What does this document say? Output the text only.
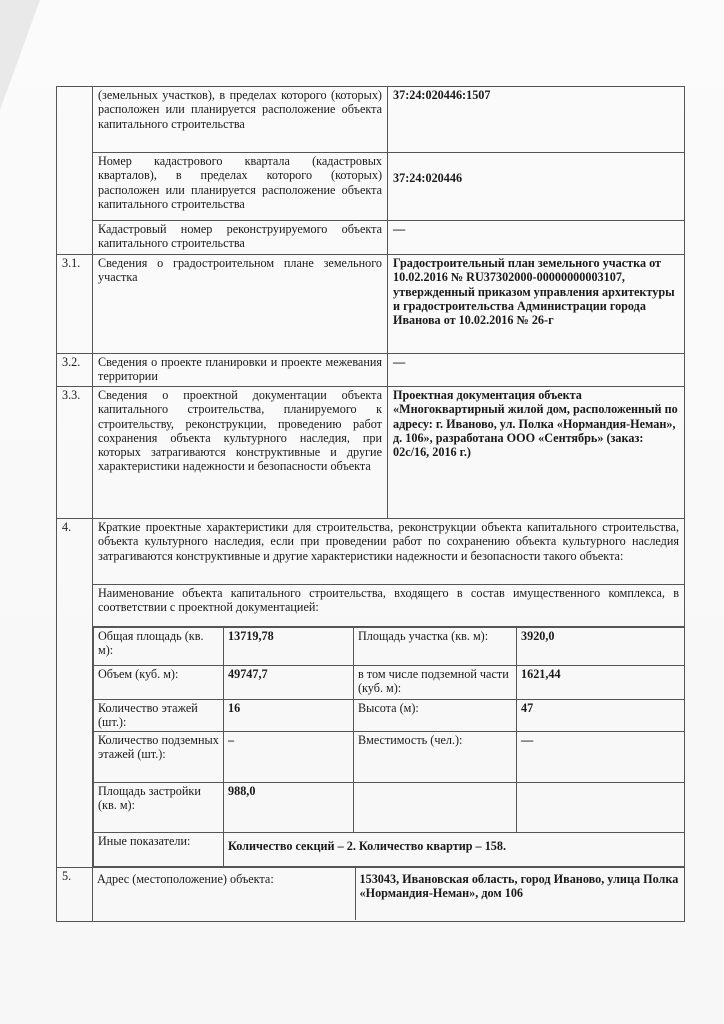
	(земельных участков), в пределах которого (которых) расположен или планируется расположение объекта капитального строительства	37:24:020446:1507
Номер кадастрового квартала (кадастровых кварталов), в пределах которого (которых) расположен или планируется расположение объекта капитального строительства	37:24:020446
Кадастровый номер реконструируемого объекта капитального строительства	—
3.1.	Сведения о градостроительном плане земельного участка	Градостроительный план земельного участка от 10.02.2016 № RU37302000-00000000003107, утвержденный приказом управления архитектуры и градостроительства Администрации города Иванова от 10.02.2016 № 26-г
3.2.	Сведения о проекте планировки и проекте межевания территории	—
3.3.	Сведения о проектной документации объекта капитального строительства, планируемого к строительству, реконструкции, проведению работ сохранения объекта культурного наследия, при которых затрагиваются конструктивные и другие характеристики надежности и безопасности объекта	Проектная документация объекта «Многоквартирный жилой дом, расположенный по адресу: г. Иваново, ул. Полка «Нормандия-Неман», д. 106», разработана ООО «Сентябрь» (заказ: 02с/16, 2016 г.)
4.	Краткие проектные характеристики для строительства, реконструкции объекта капитального строительства, объекта культурного наследия, если при проведении работ по сохранению объекта культурного наследия затрагиваются конструктивные и другие характеристики надежности и безопасности такого объекта:
Наименование объекта капитального строительства, входящего в состав имущественного комплекса, в соответствии с проектной документацией:

Общая площадь (кв. м):	13719,78	Площадь участка (кв. м):	3920,0
Объем (куб. м):	49747,7	в том числе подземной части (куб. м):	1621,44
Количество этажей (шт.):	16	Высота (м):	47
Количество подземных этажей (шт.):	–	Вместимость (чел.):	—
Площадь застройки (кв. м):	988,0		
Иные показатели:	Количество секций – 2. Количество квартир – 158.

5.	Адрес (местоположение) объекта:	153043, Ивановская область, город Иваново, улица Полка «Нормандия-Неман», дом 106
